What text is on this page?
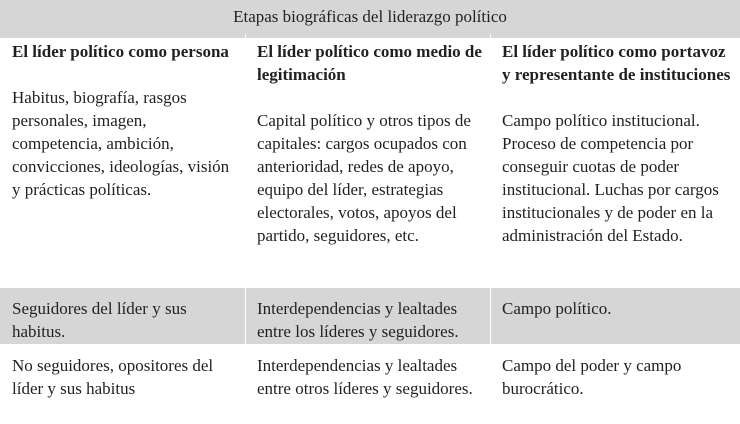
Etapas biográficas del liderazgo político
El líder político como persona
Habitus, biografía, rasgos personales, imagen, competencia, ambición, convicciones, ideologías, visión y prácticas políticas.
El líder político como medio de legitimación
Capital político y otros tipos de capitales: cargos ocupados con anterioridad, redes de apoyo, equipo del líder, estrategias electorales, votos, apoyos del partido, seguidores, etc.
El líder político como portavoz y representante de instituciones
Campo político institucional. Proceso de competencia por conseguir cuotas de poder institucional. Luchas por cargos institucionales y de poder en la administración del Estado.
Seguidores del líder y sus habitus.
Interdependencias y lealtades entre los líderes y seguidores.
Campo político.
No seguidores, opositores del líder y sus habitus
Interdependencias y lealtades entre otros líderes y seguidores.
Campo del poder y campo burocrático.
